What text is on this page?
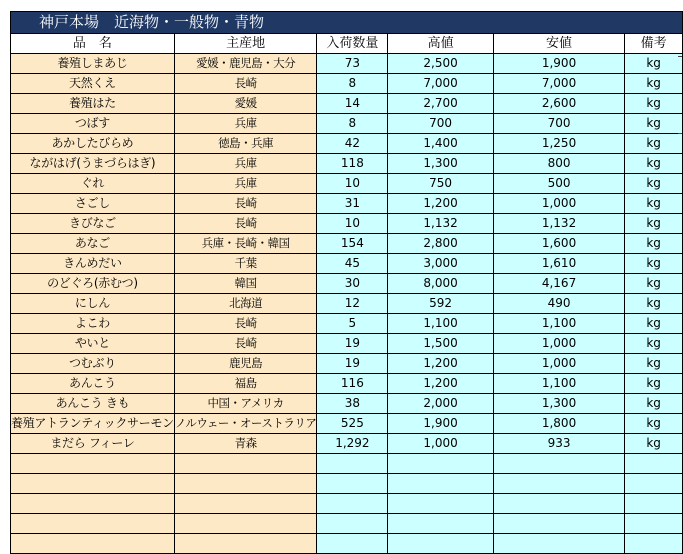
神戸本場　近海物・一般物・青物					
品　名	主産地	入荷数量	高値	安値	備考
養殖しまあじ	愛媛・鹿児島・大分	73	2,500	1,900	kg
天然くえ	長崎	8	7,000	7,000	kg
養殖はた	愛媛	14	2,700	2,600	kg
つばす	兵庫	8	700	700	kg
あかしたびらめ	徳島・兵庫	42	1,400	1,250	kg
ながはげ(うまづらはぎ)	兵庫	118	1,300	800	kg
ぐれ	兵庫	10	750	500	kg
さごし	長崎	31	1,200	1,000	kg
きびなご	長崎	10	1,132	1,132	kg
あなご	兵庫・長崎・韓国	154	2,800	1,600	kg
きんめだい	千葉	45	3,000	1,610	kg
のどぐろ(赤むつ)	韓国	30	8,000	4,167	kg
にしん	北海道	12	592	490	kg
よこわ	長崎	5	1,100	1,100	kg
やいと	長崎	19	1,500	1,000	kg
つむぶり	鹿児島	19	1,200	1,000	kg
あんこう	福島	116	1,200	1,100	kg
あんこう きも	中国・アメリカ	38	2,000	1,300	kg
養殖アトランティックサーモン	ノルウェー・オーストラリア	525	1,900	1,800	kg
まだら フィーレ	青森	1,292	1,000	933	kg
